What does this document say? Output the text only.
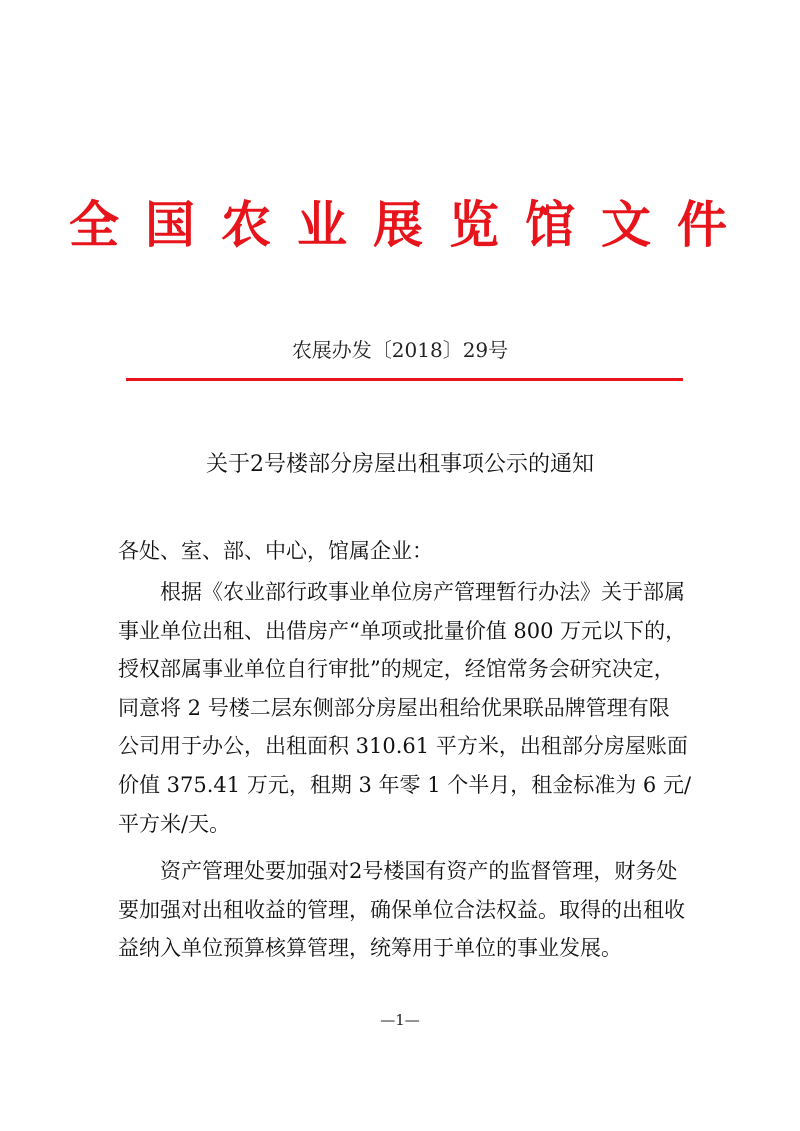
全国农业展览馆文件
农展办发〔2018〕29号
关于2号楼部分房屋出租事项公示的通知
各处、室、部、中心，馆属企业：
根据《农业部行政事业单位房产管理暂行办法》关于部属
事业单位出租、出借房产“单项或批量价值 800 万元以下的，
授权部属事业单位自行审批”的规定，经馆常务会研究决定，
同意将 2 号楼二层东侧部分房屋出租给优果联品牌管理有限
公司用于办公，出租面积 310.61 平方米，出租部分房屋账面
价值 375.41 万元，租期 3 年零 1 个半月，租金标准为 6 元/
平方米/天。
资产管理处要加强对2号楼国有资产的监督管理，财务处
要加强对出租收益的管理，确保单位合法权益。取得的出租收
益纳入单位预算核算管理，统筹用于单位的事业发展。
—1—
